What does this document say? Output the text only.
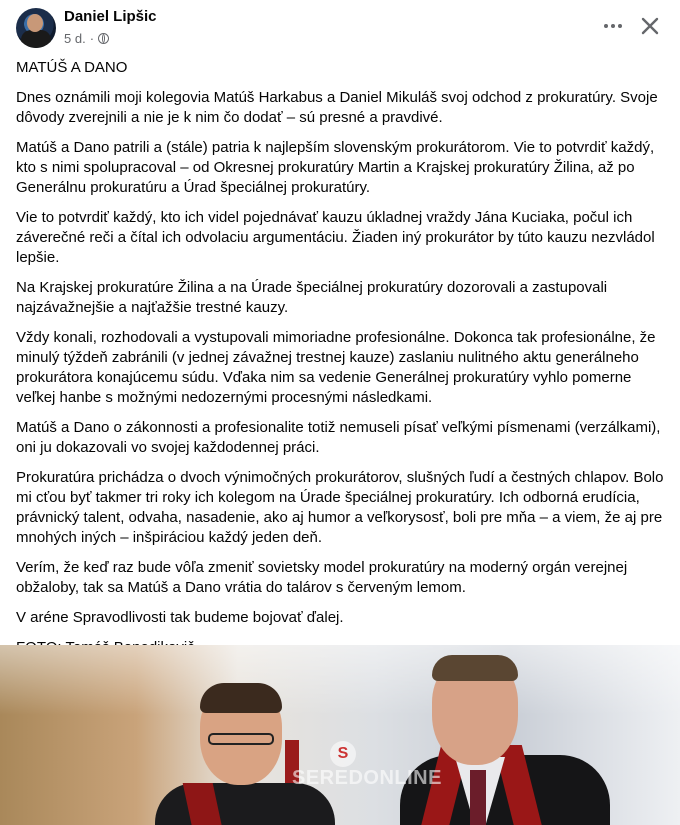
Daniel Lipšic
5 d. ·

MATÚŠ A DANO

Dnes oznámili moji kolegovia Matúš Harkabus a Daniel Mikuláš svoj odchod z prokuratúry. Svoje dôvody zverejnili a nie je k nim čo dodať – sú presné a pravdivé.

Matúš a Dano patrili a (stále) patria k najlepším slovenským prokurátorom. Vie to potvrdiť každý, kto s nimi spolupracoval – od Okresnej prokuratúry Martin a Krajskej prokuratúry Žilina, až po Generálnu prokuratúru a Úrad špeciálnej prokuratúry.

Vie to potvrdiť každý, kto ich videl pojednávať kauzu úkladnej vraždy Jána Kuciaka, počul ich záverečné reči a čítal ich odvolaciu argumentáciu. Žiaden iný prokurátor by túto kauzu nezvládol lepšie.

Na Krajskej prokuratúre Žilina a na Úrade špeciálnej prokuratúry dozorovali a zastupovali najzávažnejšie a najťažšie trestné kauzy.

Vždy konali, rozhodovali a vystupovali mimoriadne profesionálne. Dokonca tak profesionálne, že minulý týždeň zabránili (v jednej závažnej trestnej kauze) zaslaniu nulitného aktu generálneho prokurátora konajúcemu súdu. Vďaka nim sa vedenie Generálnej prokuratúry vyhlo pomerne veľkej hanbe s možnými nedozernými procesnými následkami.

Matúš a Dano o zákonnosti a profesionalite totiž nemuseli písať veľkými písmenami (verzálkami), oni ju dokazovali vo svojej každodennej práci.

Prokuratúra prichádza o dvoch výnimočných prokurátorov, slušných ľudí a čestných chlapov. Bolo mi cťou byť takmer tri roky ich kolegom na Úrade špeciálnej prokuratúry. Ich odborná erudícia, právnický talent, odvaha, nasadenie, ako aj humor a veľkorysosť, boli pre mňa – a viem, že aj pre mnohých iných – inšpiráciou každý jeden deň.

Verím, že keď raz bude vôľa zmeniť sovietsky model prokuratúry na moderný orgán verejnej obžaloby, tak sa Matúš a Dano vrátia do talárov s červeným lemom.

V aréne Spravodlivosti tak budeme bojovať ďalej.

S
SEREDONLINE
